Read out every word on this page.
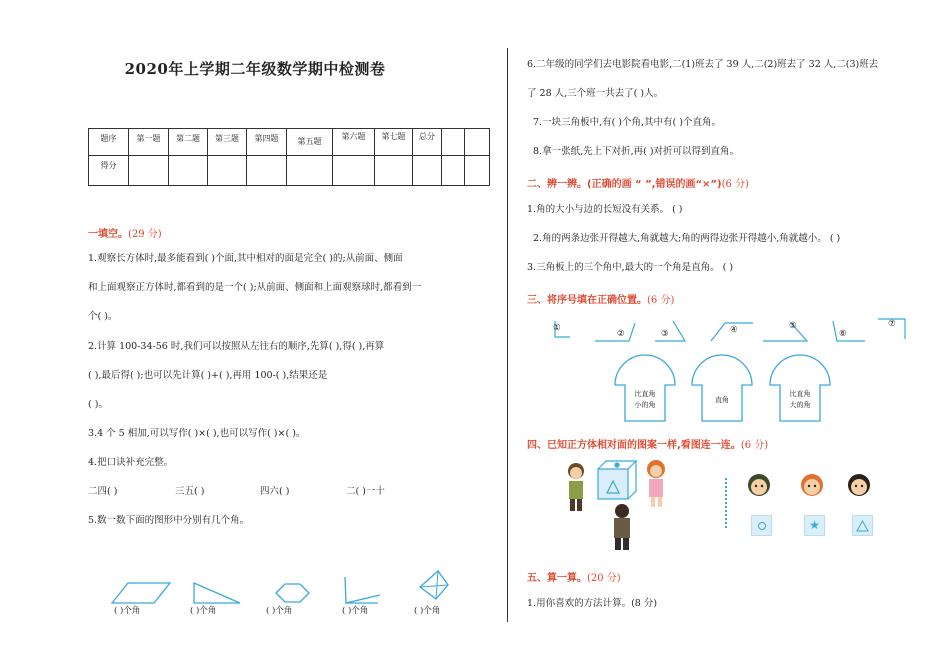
2020年上学期二年级数学期中检测卷
题序	第一题	第二题	第三题	第四题	第五题	第六题	第七题	总分		
得分										
一填空。(29 分)
1.观察长方体时,最多能看到( )个面,其中相对的面是完全( )的;从前面、侧面
和上面观察正方体时,都看到的是一个( );从前面、侧面和上面观察球时,都看到一
个( )。
2.计算 100-34-56 时,我们可以按照从左往右的顺序,先算( ),得( ),再算
( ),最后得( );也可以先计算( )+( ),再用 100-( ),结果还是
( )。
3.4 个 5 相加,可以写作( )×( ),也可以写作( )×( )。
4.把口诀补充完整。
二四( )	三五( )	四六( )	二( )一十
5.数一数下面的图形中分别有几个角。
( )个角	( )个角	( )个角	( )个角	( )个角
6.二年级的同学们去电影院看电影,二(1)班去了 39 人,二(2)班去了 32 人,二(3)班去
了 28 人,三个班一共去了( )人。
7.一块三角板中,有( )个角,其中有( )个直角。
8.拿一张纸,先上下对折,再( )对折可以得到直角。
二、辨一辨。(正确的画 “ ”,错误的画“×”)(6 分)
1.角的大小与边的长短没有关系。 ( )
2.角的两条边张开得越大,角就越大;角的两得边张开得越小,角就越小。 ( )
3.三角板上的三个角中,最大的一个角是直角。 ( )
三、将序号填在正确位置。(6 分)
①
②	③	④	⑤
⑥
⑦
比直角
小的角
直角
比直角
大的角
四、已知正方体相对面的图案一样,看图连一连。(6 分)
★
五、算一算。(20 分)
1.用你喜欢的方法计算。(8 分)
